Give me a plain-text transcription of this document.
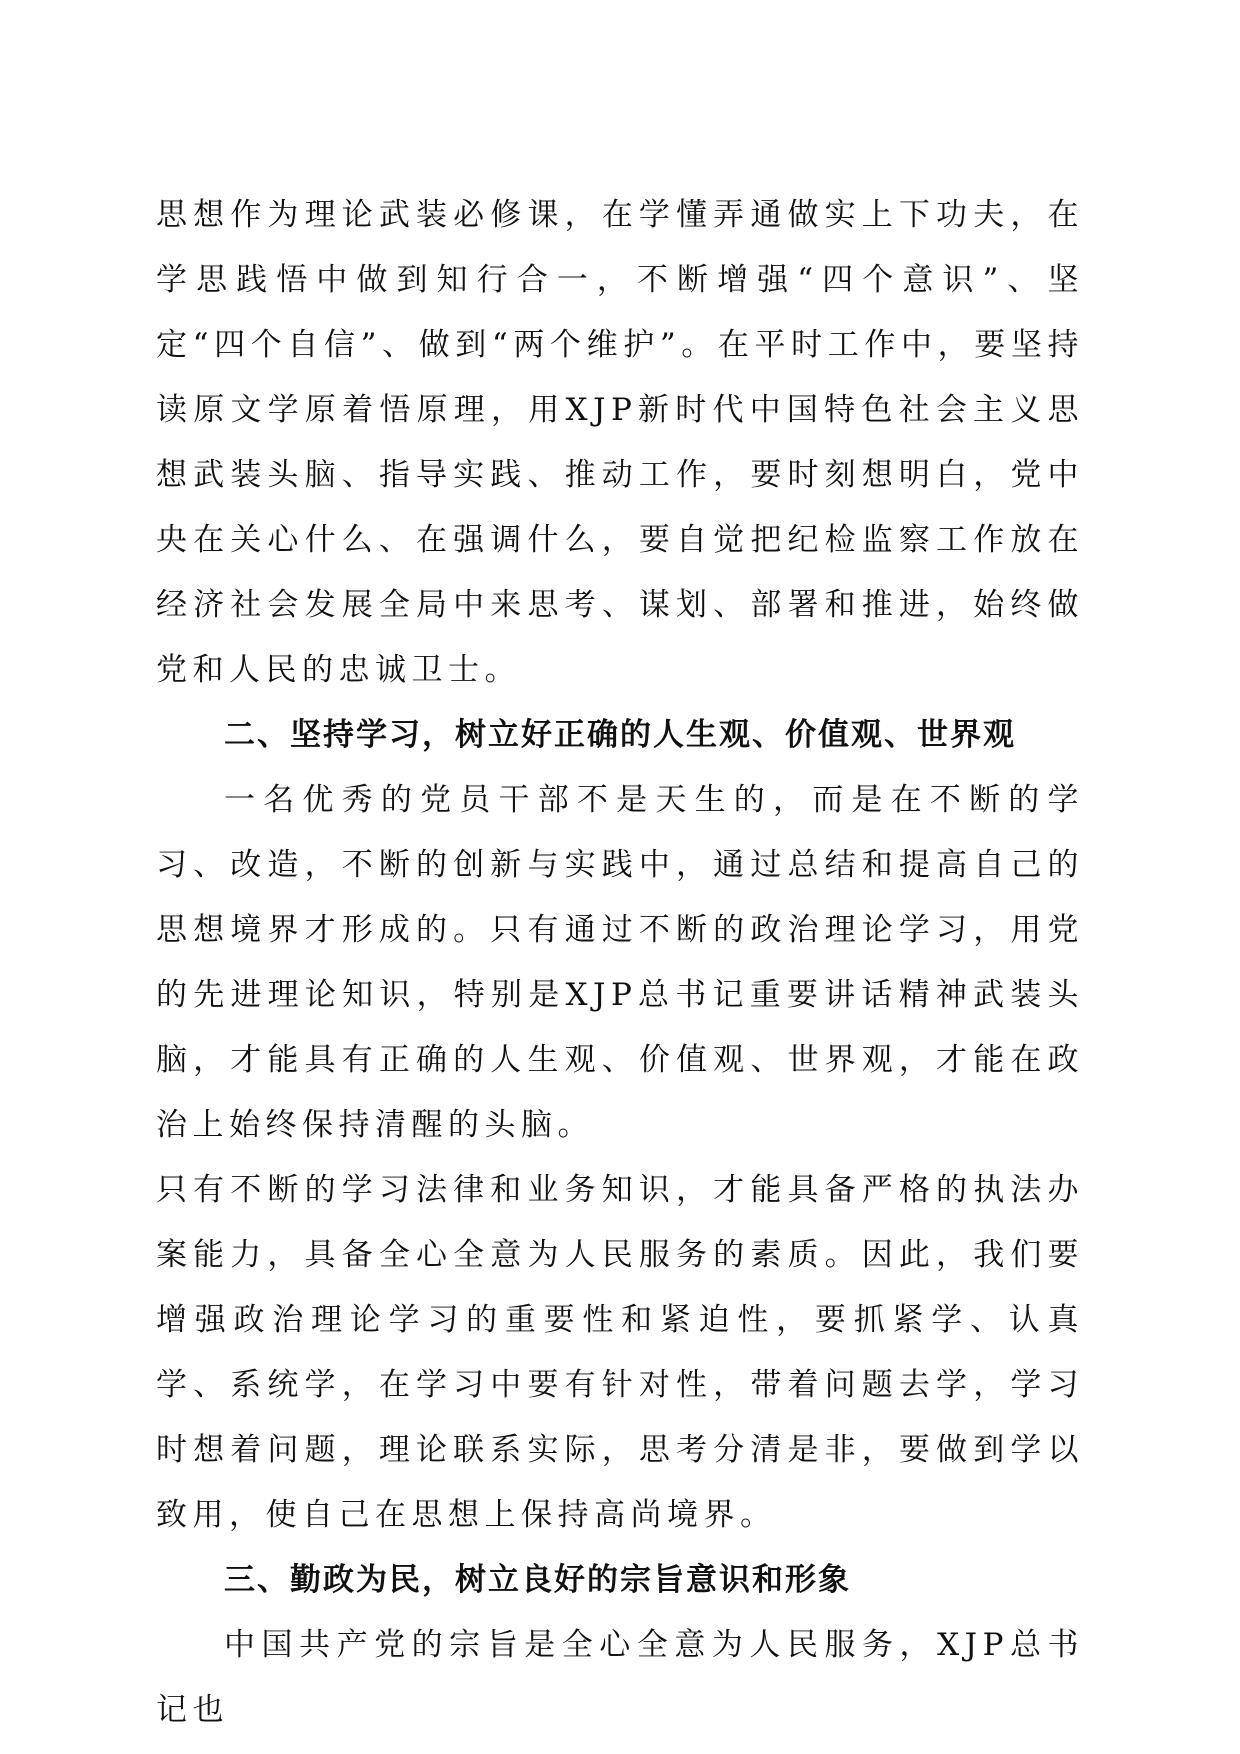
思想作为理论武装必修课，在学懂弄通做实上下功夫，在学思践悟中做到知行合一，不断增强“四个意识”、坚定“四个自信”、做到“两个维护”。在平时工作中，要坚持读原文学原着悟原理，用XJP新时代中国特色社会主义思想武装头脑、指导实践、推动工作，要时刻想明白，党中央在关心什么、在强调什么，要自觉把纪检监察工作放在经济社会发展全局中来思考、谋划、部署和推进，始终做党和人民的忠诚卫士。

二、坚持学习，树立好正确的人生观、价值观、世界观

一名优秀的党员干部不是天生的，而是在不断的学习、改造，不断的创新与实践中，通过总结和提高自己的思想境界才形成的。只有通过不断的政治理论学习，用党的先进理论知识，特别是XJP总书记重要讲话精神武装头脑，才能具有正确的人生观、价值观、世界观，才能在政治上始终保持清醒的头脑。

只有不断的学习法律和业务知识，才能具备严格的执法办案能力，具备全心全意为人民服务的素质。因此，我们要增强政治理论学习的重要性和紧迫性，要抓紧学、认真学、系统学，在学习中要有针对性，带着问题去学，学习时想着问题，理论联系实际，思考分清是非，要做到学以致用，使自己在思想上保持高尚境界。

三、勤政为民，树立良好的宗旨意识和形象

中国共产党的宗旨是全心全意为人民服务，XJP总书记也
